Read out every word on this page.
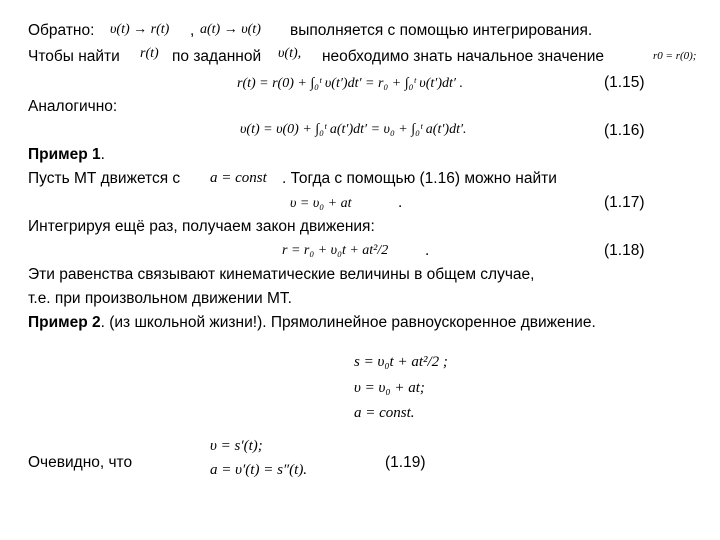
Обратно: υ(t) → r(t) , a(t) → υ(t) выполняется с помощью интегрирования.
Чтобы найти r(t) по заданной υ(t), необходимо знать начальное значение	r0 = r(0);
r(t) = r(0) + ∫₀ᵗ υ(t′)dt′ = r₀ + ∫₀ᵗ υ(t′)dt′ .	(1.15)
Аналогично:
υ(t) = υ(0) + ∫₀ᵗ a(t′)dt′ = υ₀ + ∫₀ᵗ a(t′)dt′.	(1.16)
Пример 1.
Пусть МТ движется с a = const . Тогда с помощью (1.16) можно найти
υ = υ₀ + at	.	(1.17)
Интегрируя ещё раз, получаем закон движения:
r = r₀ + υ₀t + at²/2 .	(1.18)
Эти равенства связывают кинематические величины в общем случае,
т.е. при произвольном движении МТ.
Пример 2. (из школьной жизни!). Прямолинейное равноускоренное движение.
s = υ₀t + at²/2 ;
υ = υ₀ + at;
a = const.
Очевидно, что
υ = s′(t);
a = υ′(t) = s″(t).	(1.19)
